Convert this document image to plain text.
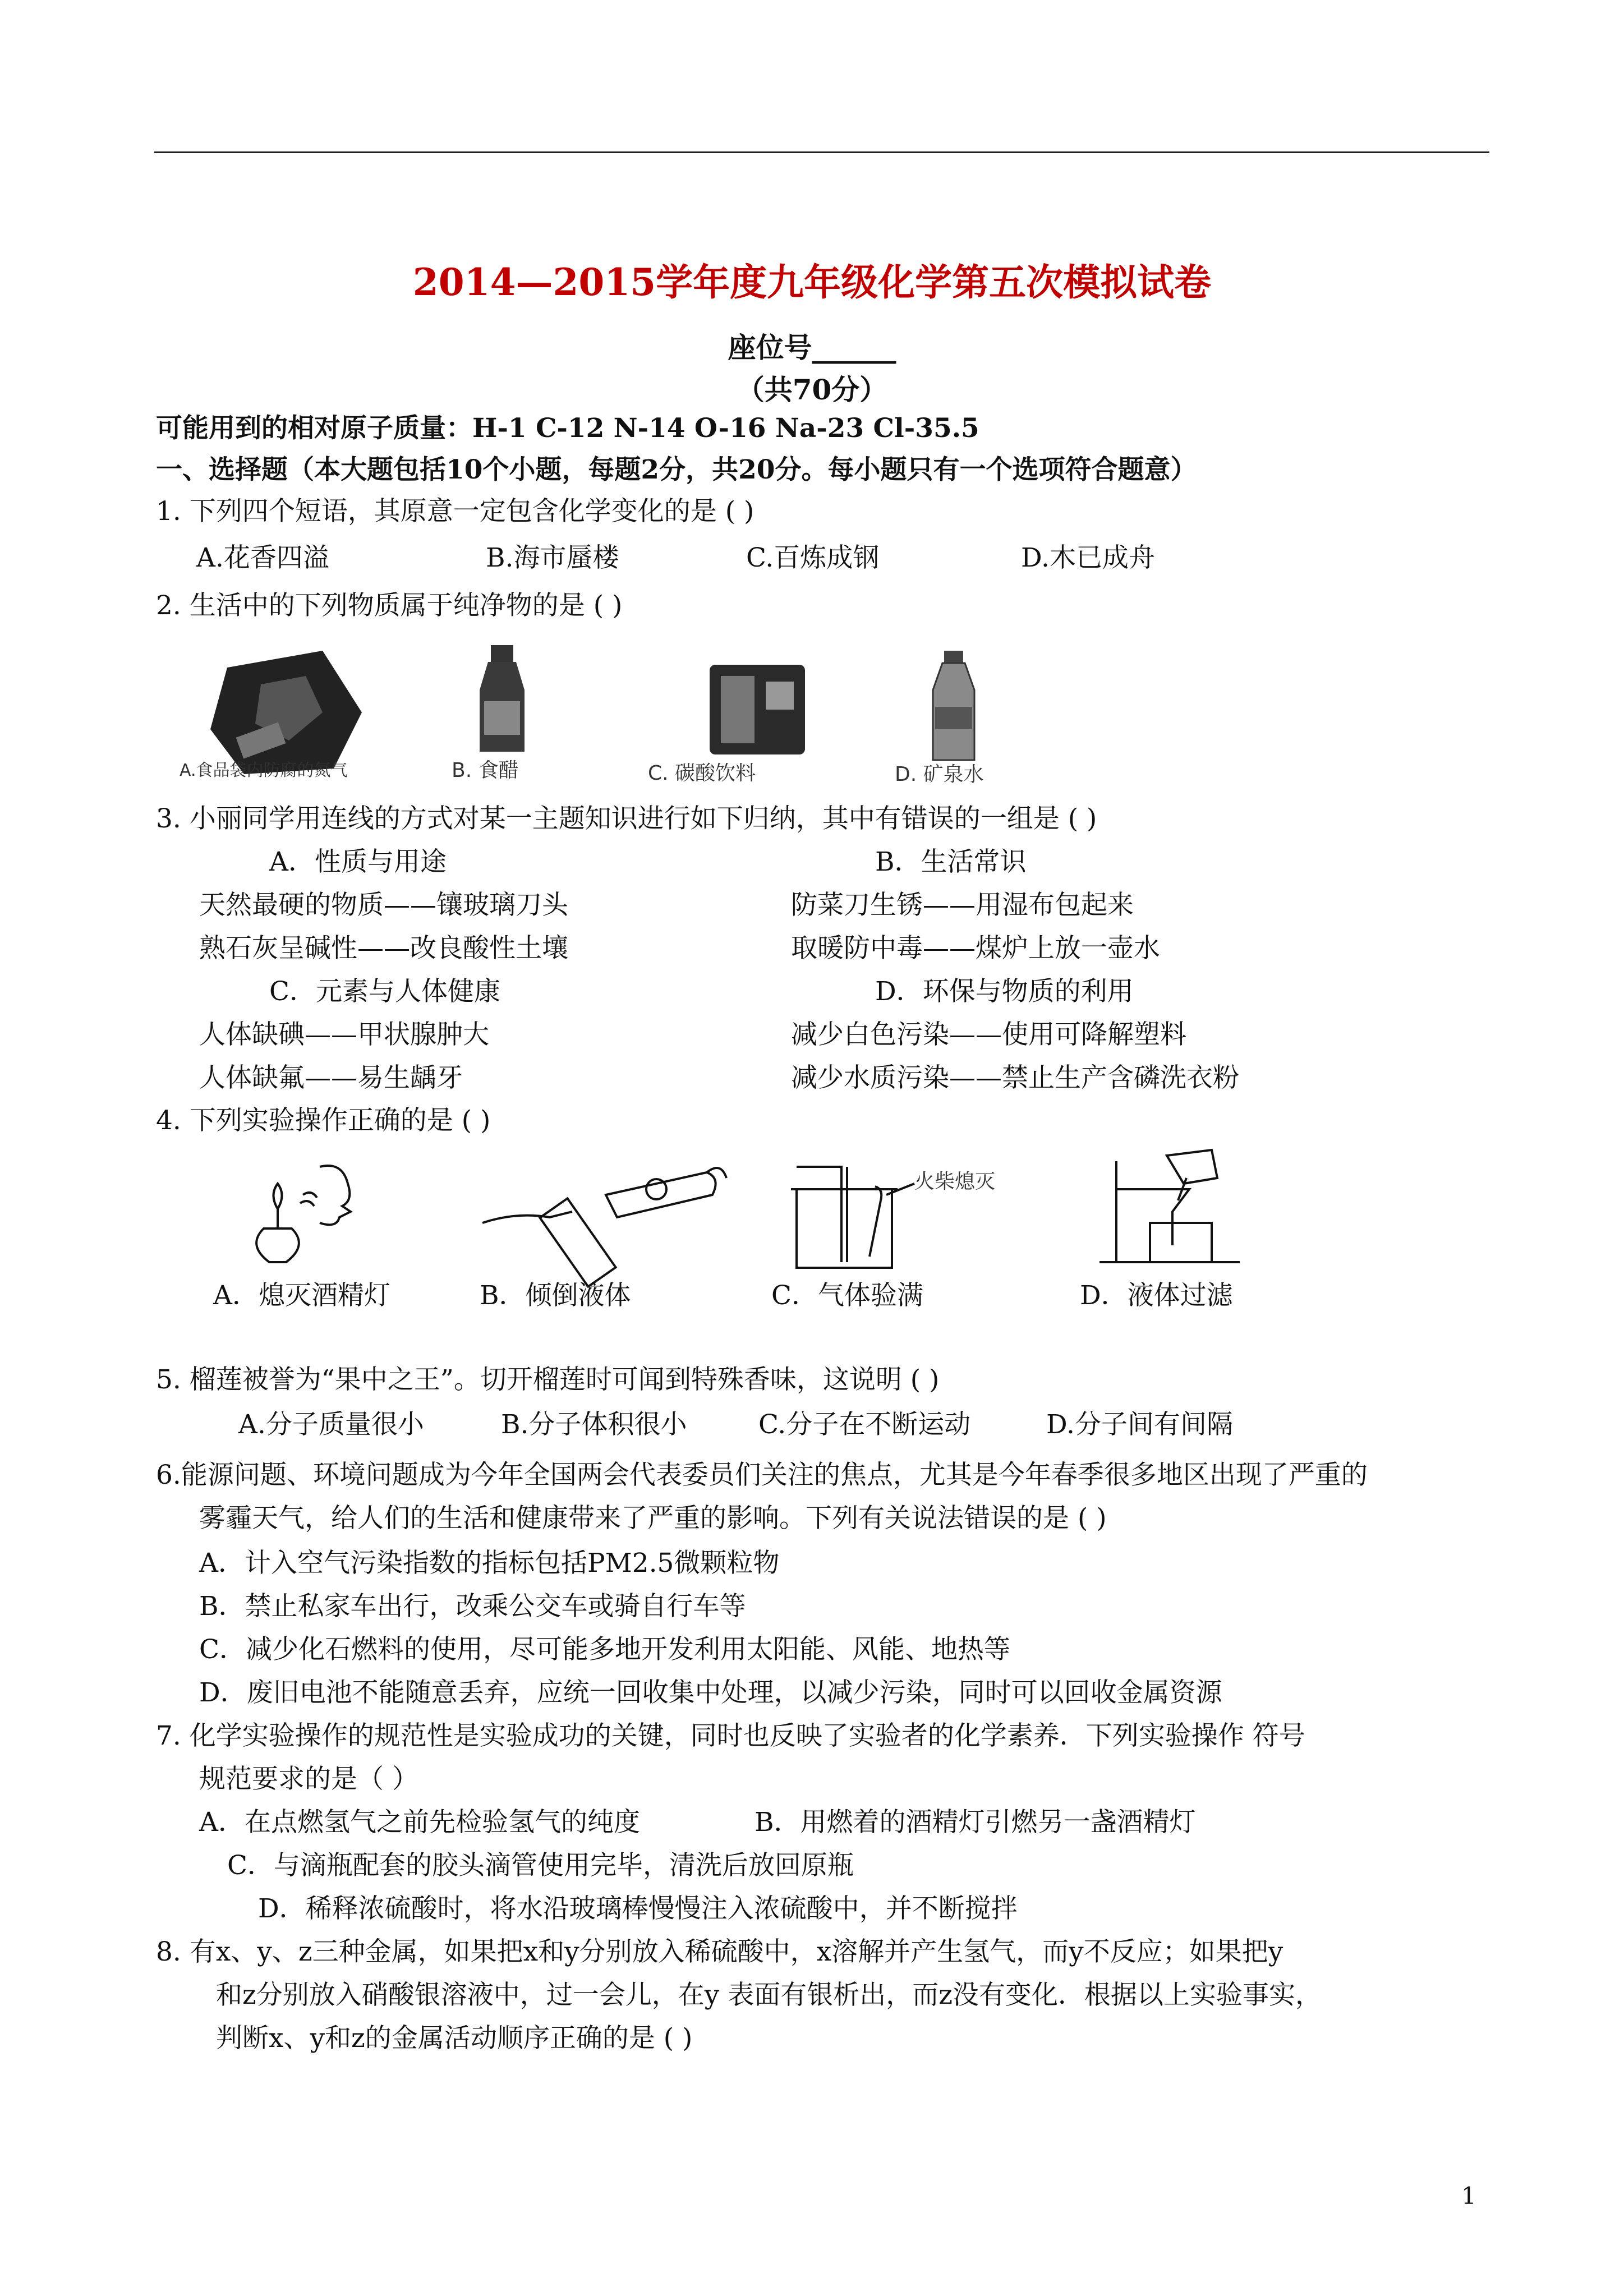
2014—2015学年度九年级化学第五次模拟试卷
座位号______
（共70分）
可能用到的相对原子质量：H-1 C-12 N-14 O-16 Na-23 Cl-35.5
一、选择题（本大题包括10个小题，每题2分，共20分。每小题只有一个选项符合题意）
1. 下列四个短语，其原意一定包含化学变化的是 ( )
A.花香四溢	B.海市蜃楼	C.百炼成钢	D.木已成舟
2. 生活中的下列物质属于纯净物的是 ( )
A.食品袋内防腐的氮气	B. 食醋	C. 碳酸饮料	D. 矿泉水
3. 小丽同学用连线的方式对某一主题知识进行如下归纳，其中有错误的一组是 ( )
A．性质与用途	B．生活常识
天然最硬的物质——镶玻璃刀头	防菜刀生锈——用湿布包起来
熟石灰呈碱性——改良酸性土壤	取暖防中毒——煤炉上放一壶水
C．元素与人体健康	D．环保与物质的利用
人体缺碘——甲状腺肿大	减少白色污染——使用可降解塑料
人体缺氟——易生龋牙	减少水质污染——禁止生产含磷洗衣粉
4. 下列实验操作正确的是 ( )
火柴熄灭
A．熄灭酒精灯	B．倾倒液体	C．气体验满	D．液体过滤
5. 榴莲被誉为“果中之王”。切开榴莲时可闻到特殊香味，这说明 ( )
A.分子质量很小	B.分子体积很小	C.分子在不断运动	D.分子间有间隔
6.能源问题、环境问题成为今年全国两会代表委员们关注的焦点，尤其是今年春季很多地区出现了严重的
雾霾天气，给人们的生活和健康带来了严重的影响。下列有关说法错误的是 ( )
A．计入空气污染指数的指标包括PM2.5微颗粒物
B．禁止私家车出行，改乘公交车或骑自行车等
C．减少化石燃料的使用，尽可能多地开发利用太阳能、风能、地热等
D．废旧电池不能随意丢弃，应统一回收集中处理，以减少污染，同时可以回收金属资源
7. 化学实验操作的规范性是实验成功的关键，同时也反映了实验者的化学素养．下列实验操作 符号
规范要求的是（ ）
A．在点燃氢气之前先检验氢气的纯度	B．用燃着的酒精灯引燃另一盏酒精灯
C．与滴瓶配套的胶头滴管使用完毕，清洗后放回原瓶
D．稀释浓硫酸时，将水沿玻璃棒慢慢注入浓硫酸中，并不断搅拌
8. 有x、y、z三种金属，如果把x和y分别放入稀硫酸中，x溶解并产生氢气，而y不反应；如果把y
和z分别放入硝酸银溶液中，过一会儿，在y 表面有银析出，而z没有变化．根据以上实验事实，
判断x、y和z的金属活动顺序正确的是 ( )
1
